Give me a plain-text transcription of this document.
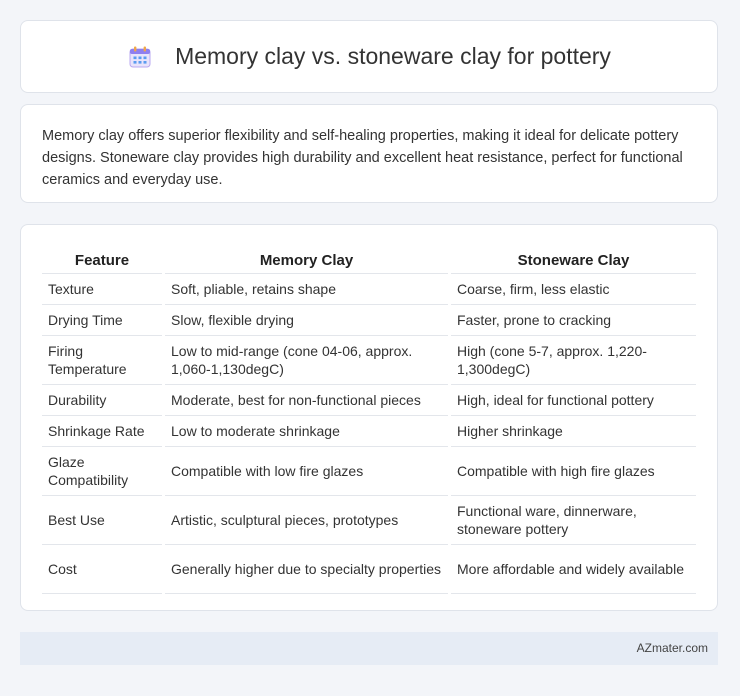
Memory clay vs. stoneware clay for pottery
Memory clay offers superior flexibility and self-healing properties, making it ideal for delicate pottery designs. Stoneware clay provides high durability and excellent heat resistance, perfect for functional ceramics and everyday use.
Feature	Memory Clay	Stoneware Clay
Texture	Soft, pliable, retains shape	Coarse, firm, less elastic
Drying Time	Slow, flexible drying	Faster, prone to cracking
Firing Temperature	Low to mid-range (cone 04-06, approx. 1,060-1,130degC)	High (cone 5-7, approx. 1,220-1,300degC)
Durability	Moderate, best for non-functional pieces	High, ideal for functional pottery
Shrinkage Rate	Low to moderate shrinkage	Higher shrinkage
Glaze Compatibility	Compatible with low fire glazes	Compatible with high fire glazes
Best Use	Artistic, sculptural pieces, prototypes	Functional ware, dinnerware, stoneware pottery
Cost	Generally higher due to specialty properties	More affordable and widely available
AZmater.com
